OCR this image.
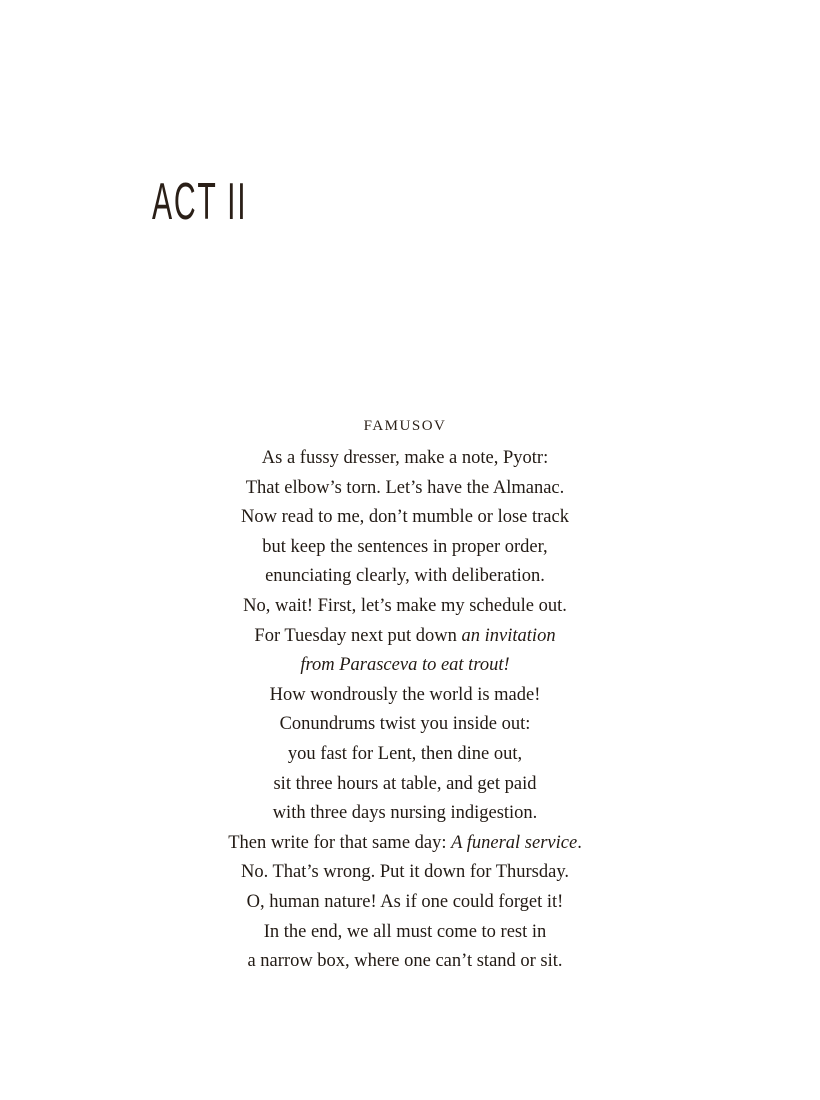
ACT II
FAMUSOV
As a fussy dresser, make a note, Pyotr:
That elbow’s torn. Let’s have the Almanac.
Now read to me, don’t mumble or lose track
but keep the sentences in proper order,
enunciating clearly, with deliberation.
No, wait! First, let’s make my schedule out.
For Tuesday next put down an invitation
from Parasceva to eat trout!
How wondrously the world is made!
Conundrums twist you inside out:
you fast for Lent, then dine out,
sit three hours at table, and get paid
with three days nursing indigestion.
Then write for that same day: A funeral service.
No. That’s wrong. Put it down for Thursday.
O, human nature! As if one could forget it!
In the end, we all must come to rest in
a narrow box, where one can’t stand or sit.
